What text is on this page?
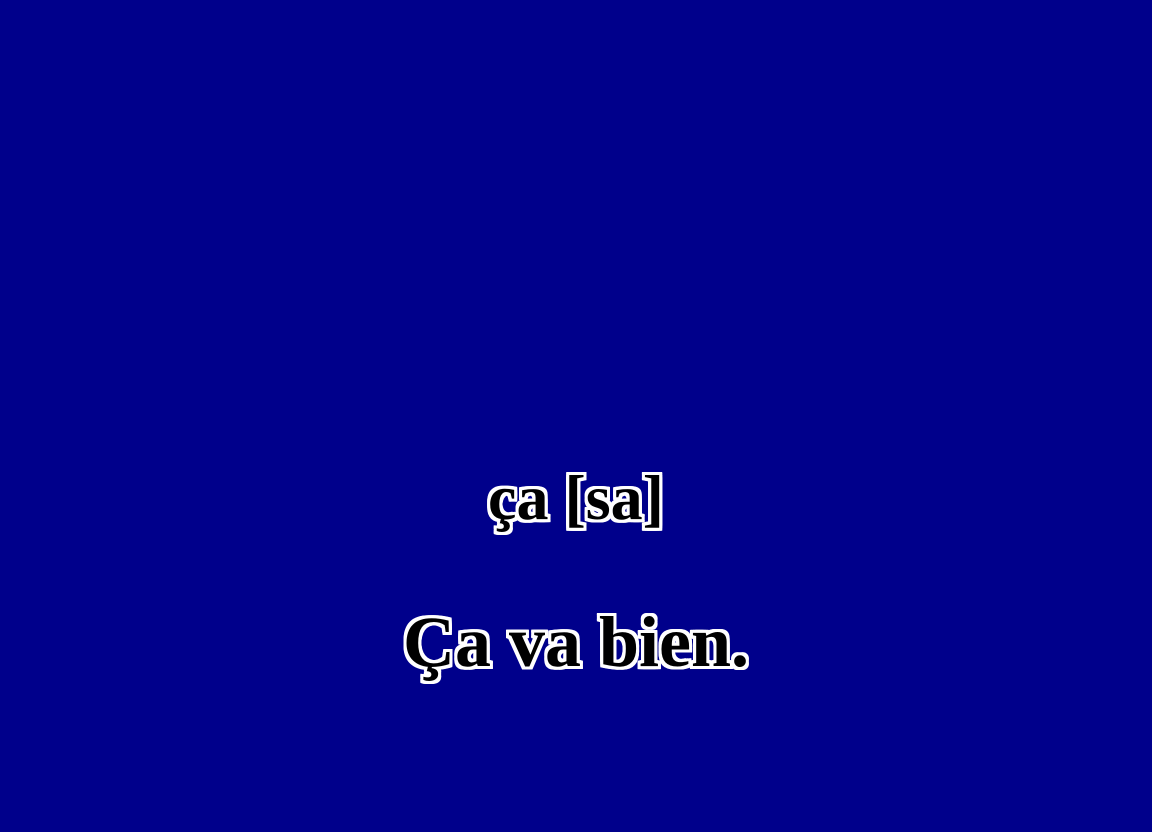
ça [sa]
Ça va bien.
